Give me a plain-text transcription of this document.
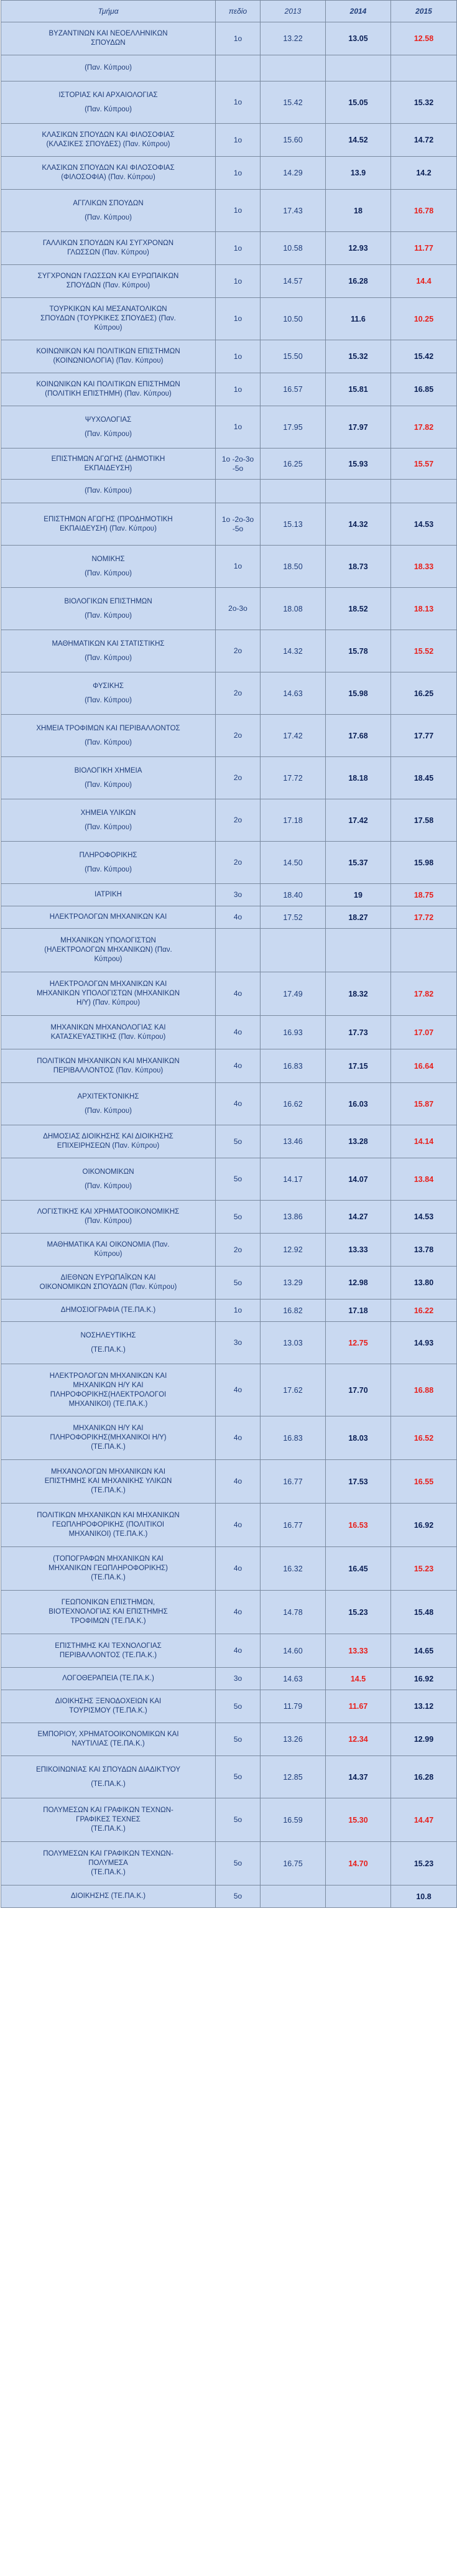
Τμήμα	πεδίο	2013	2014	2015

ΒΥΖΑΝΤΙΝΩΝ ΚΑΙ ΝΕΟΕΛΛΗΝΙΚΩΝ
ΣΠΟΥΔΩΝ	1ο	13.22	13.05	12.58

(Παν. Κύπρου)				

ΙΣΤΟΡΙΑΣ ΚΑΙ ΑΡΧΑΙΟΛΟΓΙΑΣ
(Παν. Κύπρου)	1ο	15.42	15.05	15.32

ΚΛΑΣΙΚΩΝ ΣΠΟΥΔΩΝ ΚΑΙ ΦΙΛΟΣΟΦΙΑΣ
(ΚΛΑΣΙΚΕΣ ΣΠΟΥΔΕΣ) (Παν. Κύπρου)	1ο	15.60	14.52	14.72

ΚΛΑΣΙΚΩΝ ΣΠΟΥΔΩΝ ΚΑΙ ΦΙΛΟΣΟΦΙΑΣ
(ΦΙΛΟΣΟΦΙΑ) (Παν. Κύπρου)	1ο	14.29	13.9	14.2

ΑΓΓΛΙΚΩΝ ΣΠΟΥΔΩΝ
(Παν. Κύπρου)	1ο	17.43	18	16.78

ΓΑΛΛΙΚΩΝ ΣΠΟΥΔΩΝ ΚΑΙ ΣΥΓΧΡΟΝΩΝ
ΓΛΩΣΣΩΝ (Παν. Κύπρου)	1ο	10.58	12.93	11.77

ΣΥΓΧΡΟΝΩΝ ΓΛΩΣΣΩΝ ΚΑΙ ΕΥΡΩΠΑΙΚΩΝ
ΣΠΟΥΔΩΝ (Παν. Κύπρου)	1ο	14.57	16.28	14.4

ΤΟΥΡΚΙΚΩΝ ΚΑΙ ΜΕΣΑΝΑΤΟΛΙΚΩΝ
ΣΠΟΥΔΩΝ (ΤΟΥΡΚΙΚΕΣ ΣΠΟΥΔΕΣ) (Παν.
Κύπρου)	1ο	10.50	11.6	10.25

ΚΟΙΝΩΝΙΚΩΝ ΚΑΙ ΠΟΛΙΤΙΚΩΝ ΕΠΙΣΤΗΜΩΝ
(ΚΟΙΝΩΝΙΟΛΟΓΙΑ) (Παν. Κύπρου)	1ο	15.50	15.32	15.42

ΚΟΙΝΩΝΙΚΩΝ ΚΑΙ ΠΟΛΙΤΙΚΩΝ ΕΠΙΣΤΗΜΩΝ
(ΠΟΛΙΤΙΚΗ ΕΠΙΣΤΗΜΗ) (Παν. Κύπρου)	1ο	16.57	15.81	16.85

ΨΥΧΟΛΟΓΙΑΣ
(Παν. Κύπρου)	1ο	17.95	17.97	17.82

ΕΠΙΣΤΗΜΩΝ ΑΓΩΓΗΣ (ΔΗΜΟΤΙΚΗ
ΕΚΠΑΙΔΕΥΣΗ)	1ο -2ο-3ο -5ο	16.25	15.93	15.57

(Παν. Κύπρου)				

ΕΠΙΣΤΗΜΩΝ ΑΓΩΓΗΣ (ΠΡΟΔΗΜΟΤΙΚΗ
ΕΚΠΑΙΔΕΥΣΗ) (Παν. Κύπρου)	1ο -2ο-3ο -5ο	15.13	14.32	14.53

ΝΟΜΙΚΗΣ
(Παν. Κύπρου)	1ο	18.50	18.73	18.33

ΒΙΟΛΟΓΙΚΩΝ ΕΠΙΣΤΗΜΩΝ
(Παν. Κύπρου)	2ο-3ο	18.08	18.52	18.13

ΜΑΘΗΜΑΤΙΚΩΝ ΚΑΙ ΣΤΑΤΙΣΤΙΚΗΣ
(Παν. Κύπρου)	2ο	14.32	15.78	15.52

ΦΥΣΙΚΗΣ
(Παν. Κύπρου)	2ο	14.63	15.98	16.25

ΧΗΜΕΙΑ ΤΡΟΦΙΜΩΝ ΚΑΙ ΠΕΡΙΒΑΛΛΟΝΤΟΣ
(Παν. Κύπρου)	2ο	17.42	17.68	17.77

ΒΙΟΛΟΓΙΚΗ ΧΗΜΕΙΑ
(Παν. Κύπρου)	2ο	17.72	18.18	18.45

ΧΗΜΕΙΑ ΥΛΙΚΩΝ
(Παν. Κύπρου)	2ο	17.18	17.42	17.58

ΠΛΗΡΟΦΟΡΙΚΗΣ
(Παν. Κύπρου)	2ο	14.50	15.37	15.98

ΙΑΤΡΙΚΗ	3ο	18.40	19	18.75

ΗΛΕΚΤΡΟΛΟΓΩΝ ΜΗΧΑΝΙΚΩΝ ΚΑΙ	4ο	17.52	18.27	17.72

ΜΗΧΑΝΙΚΩΝ ΥΠΟΛΟΓΙΣΤΩΝ
(ΗΛΕΚΤΡΟΛΟΓΩΝ ΜΗΧΑΝΙΚΩΝ) (Παν.
Κύπρου)				

ΗΛΕΚΤΡΟΛΟΓΩΝ ΜΗΧΑΝΙΚΩΝ ΚΑΙ
ΜΗΧΑΝΙΚΩΝ ΥΠΟΛΟΓΙΣΤΩΝ (ΜΗΧΑΝΙΚΩΝ
Η/Υ) (Παν. Κύπρου)	4ο	17.49	18.32	17.82

ΜΗΧΑΝΙΚΩΝ ΜΗΧΑΝΟΛΟΓΙΑΣ ΚΑΙ
ΚΑΤΑΣΚΕΥΑΣΤΙΚΗΣ (Παν. Κύπρου)	4ο	16.93	17.73	17.07

ΠΟΛΙΤΙΚΩΝ ΜΗΧΑΝΙΚΩΝ ΚΑΙ ΜΗΧΑΝΙΚΩΝ
ΠΕΡΙΒΑΛΛΟΝΤΟΣ (Παν. Κύπρου)	4ο	16.83	17.15	16.64

ΑΡΧΙΤΕΚΤΟΝΙΚΗΣ
(Παν. Κύπρου)	4ο	16.62	16.03	15.87

ΔΗΜΟΣΙΑΣ ΔΙΟΙΚΗΣΗΣ ΚΑΙ ΔΙΟΙΚΗΣΗΣ
ΕΠΙΧΕΙΡΗΣΕΩΝ (Παν. Κύπρου)	5ο	13.46	13.28	14.14

ΟΙΚΟΝΟΜΙΚΩΝ
(Παν. Κύπρου)	5ο	14.17	14.07	13.84

ΛΟΓΙΣΤΙΚΗΣ ΚΑΙ ΧΡΗΜΑΤΟΟΙΚΟΝΟΜΙΚΗΣ
(Παν. Κύπρου)	5ο	13.86	14.27	14.53

ΜΑΘΗΜΑΤΙΚΑ ΚΑΙ ΟΙΚΟΝΟΜΙΑ (Παν.
Κύπρου)	2ο	12.92	13.33	13.78

ΔΙΕΘΝΩΝ ΕΥΡΩΠΑΪΚΩΝ ΚΑΙ
ΟΙΚΟΝΟΜΙΚΩΝ ΣΠΟΥΔΩΝ (Παν. Κύπρου)	5ο	13.29	12.98	13.80

ΔΗΜΟΣΙΟΓΡΑΦΙΑ (ΤΕ.ΠΑ.Κ.)	1ο	16.82	17.18	16.22

ΝΟΣΗΛΕΥΤΙΚΗΣ
(ΤΕ.ΠΑ.Κ.)	3ο	13.03	12.75	14.93

ΗΛΕΚΤΡΟΛΟΓΩΝ ΜΗΧΑΝΙΚΩΝ ΚΑΙ
ΜΗΧΑΝΙΚΩΝ Η/Υ ΚΑΙ
ΠΛΗΡΟΦΟΡΙΚΗΣ(ΗΛΕΚΤΡΟΛΟΓΟΙ
ΜΗΧΑΝΙΚΟΙ) (ΤΕ.ΠΑ.Κ.)	4ο	17.62	17.70	16.88

ΜΗΧΑΝΙΚΩΝ Η/Υ ΚΑΙ
ΠΛΗΡΟΦΟΡΙΚΗΣ(ΜΗΧΑΝΙΚΟΙ Η/Υ)
(ΤΕ.ΠΑ.Κ.)	4ο	16.83	18.03	16.52

ΜΗΧΑΝΟΛΟΓΩΝ ΜΗΧΑΝΙΚΩΝ ΚΑΙ
ΕΠΙΣΤΗΜΗΣ ΚΑΙ ΜΗΧΑΝΙΚΗΣ ΥΛΙΚΩΝ
(ΤΕ.ΠΑ.Κ.)	4ο	16.77	17.53	16.55

ΠΟΛΙΤΙΚΩΝ ΜΗΧΑΝΙΚΩΝ ΚΑΙ ΜΗΧΑΝΙΚΩΝ
ΓΕΩΠΛΗΡΟΦΟΡΙΚΗΣ (ΠΟΛΙΤΙΚΟΙ
ΜΗΧΑΝΙΚΟΙ) (ΤΕ.ΠΑ.Κ.)	4ο	16.77	16.53	16.92

(ΤΟΠΟΓΡΑΦΩΝ ΜΗΧΑΝΙΚΩΝ ΚΑΙ
ΜΗΧΑΝΙΚΩΝ ΓΕΩΠΛΗΡΟΦΟΡΙΚΗΣ)
(ΤΕ.ΠΑ.Κ.)	4ο	16.32	16.45	15.23

ΓΕΩΠΟΝΙΚΩΝ ΕΠΙΣΤΗΜΩΝ,
ΒΙΟΤΕΧΝΟΛΟΓΙΑΣ ΚΑΙ ΕΠΙΣΤΗΜΗΣ
ΤΡΟΦΙΜΩΝ (ΤΕ.ΠΑ.Κ.)	4ο	14.78	15.23	15.48

ΕΠΙΣΤΗΜΗΣ ΚΑΙ ΤΕΧΝΟΛΟΓΙΑΣ
ΠΕΡΙΒΑΛΛΟΝΤΟΣ (ΤΕ.ΠΑ.Κ.)	4ο	14.60	13.33	14.65

ΛΟΓΟΘΕΡΑΠΕΙΑ (ΤΕ.ΠΑ.Κ.)	3ο	14.63	14.5	16.92

ΔΙΟΙΚΗΣΗΣ ΞΕΝΟΔΟΧΕΙΩΝ ΚΑΙ
ΤΟΥΡΙΣΜΟΥ (ΤΕ.ΠΑ.Κ.)	5ο	11.79	11.67	13.12

ΕΜΠΟΡΙΟΥ, ΧΡΗΜΑΤΟΟΙΚΟΝΟΜΙΚΩΝ ΚΑΙ
ΝΑΥΤΙΛΙΑΣ (ΤΕ.ΠΑ.Κ.)	5ο	13.26	12.34	12.99

ΕΠΙΚΟΙΝΩΝΙΑΣ ΚΑΙ ΣΠΟΥΔΩΝ ΔΙΑΔΙΚΤΥΟΥ
(ΤΕ.ΠΑ.Κ.)	5ο	12.85	14.37	16.28

ΠΟΛΥΜΕΣΩΝ ΚΑΙ ΓΡΑΦΙΚΩΝ ΤΕΧΝΩΝ-
ΓΡΑΦΙΚΕΣ ΤΕΧΝΕΣ
(ΤΕ.ΠΑ.Κ.)	5ο	16.59	15.30	14.47

ΠΟΛΥΜΕΣΩΝ ΚΑΙ ΓΡΑΦΙΚΩΝ ΤΕΧΝΩΝ-
ΠΟΛΥΜΕΣΑ
(ΤΕ.ΠΑ.Κ.)	5ο	16.75	14.70	15.23

ΔΙΟΙΚΗΣΗΣ (ΤΕ.ΠΑ.Κ.)	5ο			10.8
